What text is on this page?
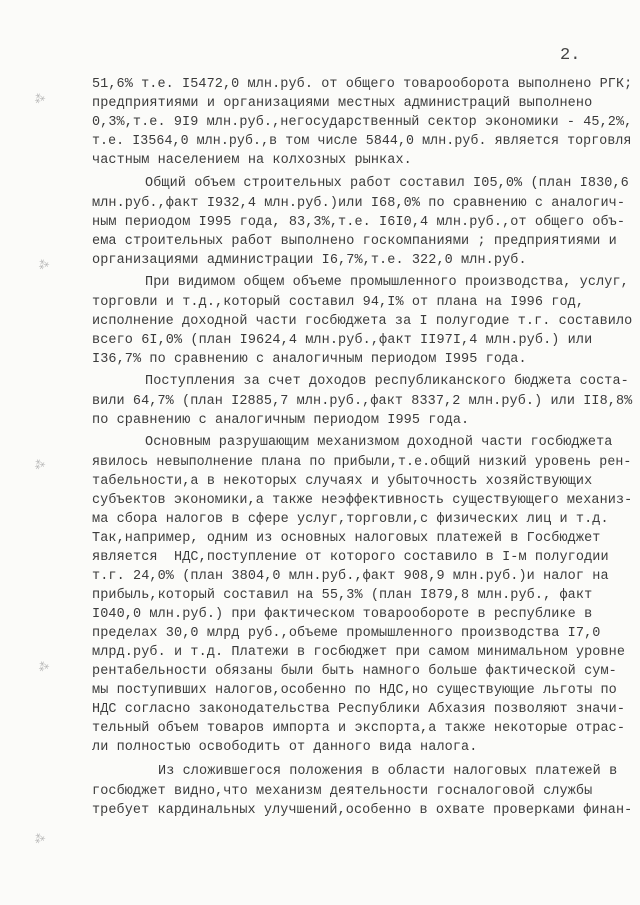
2.
⁂
⁂
⁂
⁂
⁂
51,6% т.е. I5472,0 млн.руб. от общего товарооборота выполнено РГК;
предприятиями и организациями местных администраций выполнено
0,3%,т.е. 9I9 млн.руб.,негосударственный сектор экономики - 45,2%,
т.е. I3564,0 млн.руб.,в том числе 5844,0 млн.руб. является торговля
частным населением на колхозных рынках.
Общий объем строительных работ составил I05,0% (план I830,6
млн.руб.,факт I932,4 млн.руб.)или I68,0% по сравнению с аналогич-
ным периодом I995 года, 83,3%,т.е. I6I0,4 млн.руб.,от общего объ-
ема строительных работ выполнено госкомпаниями ; предприятиями и
организациями администрации I6,7%,т.е. 322,0 млн.руб.
При видимом общем объеме промышленного производства, услуг,
торговли и т.д.,который составил 94,I% от плана на I996 год,
исполнение доходной части госбюджета за I полугодие т.г. составило
всего 6I,0% (план I9624,4 млн.руб.,факт II97I,4 млн.руб.) или
I36,7% по сравнению с аналогичным периодом I995 года.
Поступления за счет доходов республиканского бюджета соста-
вили 64,7% (план I2885,7 млн.руб.,факт 8337,2 млн.руб.) или II8,8%
по сравнению с аналогичным периодом I995 года.
Основным разрушающим механизмом доходной части госбюджета
явилось невыполнение плана по прибыли,т.е.общий низкий уровень рен-
табельности,а в некоторых случаях и убыточность хозяйствующих
субъектов экономики,а также неэффективность существующего механиз-
ма сбора налогов в сфере услуг,торговли,с физических лиц и т.д.
Так,например, одним из основных налоговых платежей в Госбюджет
является  НДС,поступление от которого составило в I-м полугодии
т.г. 24,0% (план 3804,0 млн.руб.,факт 908,9 млн.руб.)и налог на
прибыль,который составил на 55,3% (план I879,8 млн.руб., факт
I040,0 млн.руб.) при фактическом товарообороте в республике в
пределах 30,0 млрд руб.,объеме промышленного производства I7,0
млрд.руб. и т.д. Платежи в госбюджет при самом минимальном уровне
рентабельности обязаны были быть намного больше фактической сум-
мы поступивших налогов,особенно по НДС,но существующие льготы по
НДС согласно законодательства Республики Абхазия позволяют значи-
тельный объем товаров импорта и экспорта,а также некоторые отрас-
ли полностью освободить от данного вида налога.
Из сложившегося положения в области налоговых платежей в
госбюджет видно,что механизм деятельности госналоговой службы
требует кардинальных улучшений,особенно в охвате проверками финан-
